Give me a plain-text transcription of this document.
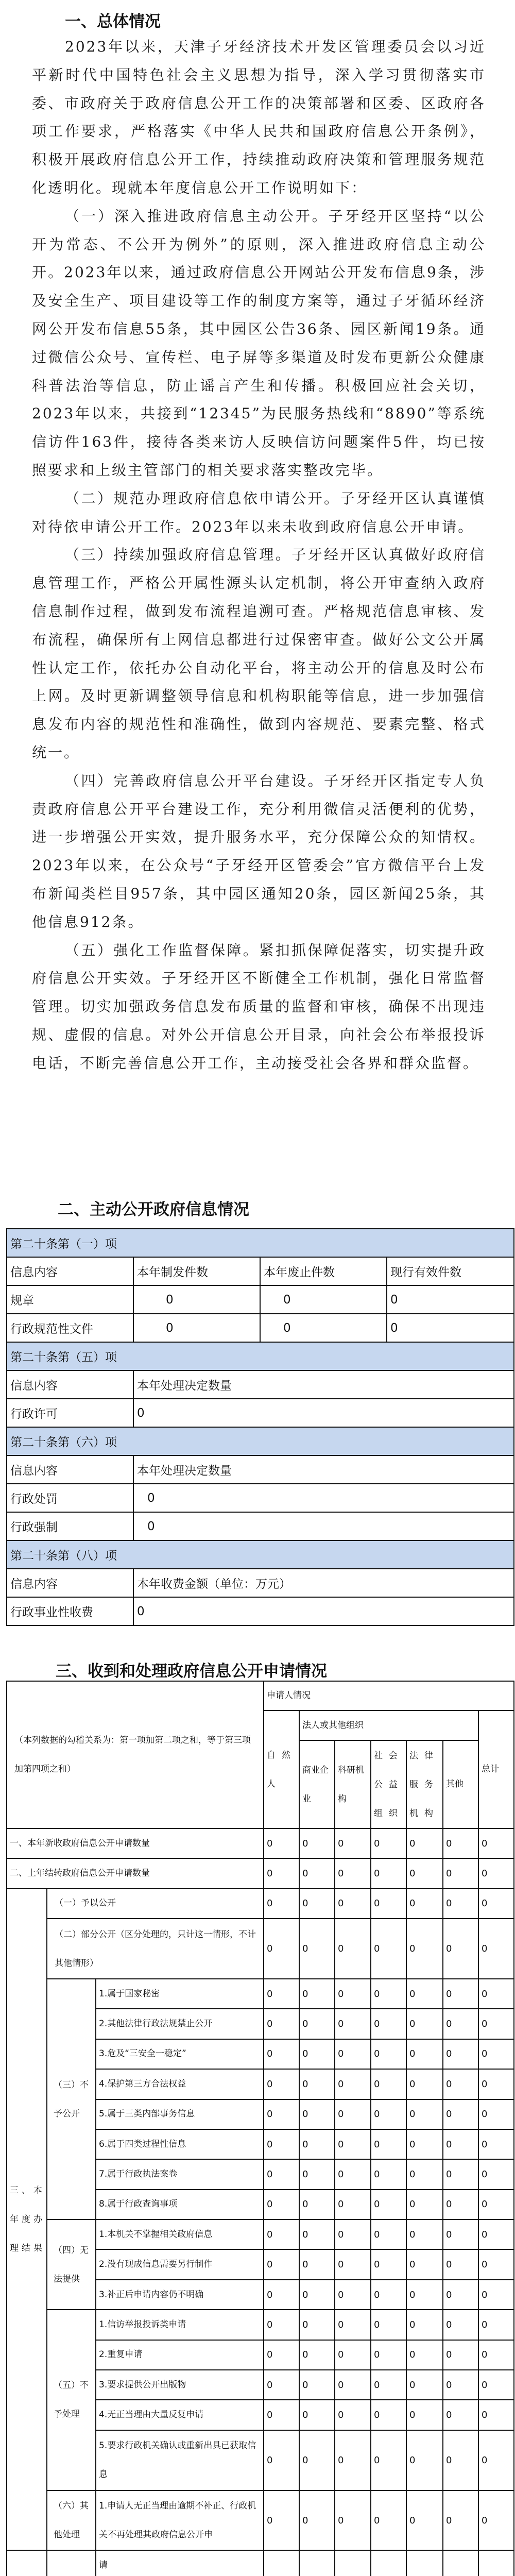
一、总体情况

2023年以来，天津子牙经济技术开发区管理委员会以习近平新时代中国特色社会主义思想为指导，深入学习贯彻落实市委、市政府关于政府信息公开工作的决策部署和区委、区政府各项工作要求，严格落实《中华人民共和国政府信息公开条例》，积极开展政府信息公开工作，持续推动政府决策和管理服务规范化透明化。现就本年度信息公开工作说明如下：

（一）深入推进政府信息主动公开。子牙经开区坚持“以公开为常态、不公开为例外”的原则，深入推进政府信息主动公开。2023年以来，通过政府信息公开网站公开发布信息9条，涉及安全生产、项目建设等工作的制度方案等，通过子牙循环经济网公开发布信息55条，其中园区公告36条、园区新闻19条。通过微信公众号、宣传栏、电子屏等多渠道及时发布更新公众健康科普法治等信息，防止谣言产生和传播。积极回应社会关切，2023年以来，共接到“12345”为民服务热线和“8890”等系统信访件163件，接待各类来访人反映信访问题案件5件，均已按照要求和上级主管部门的相关要求落实整改完毕。

（二）规范办理政府信息依申请公开。子牙经开区认真谨慎对待依申请公开工作。2023年以来未收到政府信息公开申请。

（三）持续加强政府信息管理。子牙经开区认真做好政府信息管理工作，严格公开属性源头认定机制，将公开审查纳入政府信息制作过程，做到发布流程追溯可查。严格规范信息审核、发布流程，确保所有上网信息都进行过保密审查。做好公文公开属性认定工作，依托办公自动化平台，将主动公开的信息及时公布上网。及时更新调整领导信息和机构职能等信息，进一步加强信息发布内容的规范性和准确性，做到内容规范、要素完整、格式统一。

（四）完善政府信息公开平台建设。子牙经开区指定专人负责政府信息公开平台建设工作，充分利用微信灵活便利的优势，进一步增强公开实效，提升服务水平，充分保障公众的知情权。2023年以来，在公众号“子牙经开区管委会”官方微信平台上发布新闻类栏目957条，其中园区通知20条，园区新闻25条，其他信息912条。

（五）强化工作监督保障。紧扣抓保障促落实，切实提升政府信息公开实效。子牙经开区不断健全工作机制，强化日常监督管理。切实加强政务信息发布质量的监督和审核，确保不出现违规、虚假的信息。对外公开信息公开目录，向社会公布举报投诉电话，不断完善信息公开工作，主动接受社会各界和群众监督。

二、主动公开政府信息情况
第二十条第（一）项			
信息内容	本年制发件数	本年废止件数	现行有效件数
规章	0	0	0
行政规范性文件	0	0	0
第二十条第（五）项			
信息内容	本年处理决定数量		
行政许可	0		
第二十条第（六）项			
信息内容	本年处理决定数量		
行政处罚	0		
行政强制	0		
第二十条第（八）项			
信息内容	本年收费金额（单位：万元）		
行政事业性收费	0		
三、收到和处理政府信息公开申请情况
（本列数据的勾稽关系为：第一项加第二项之和，等于第三项加第四项之和）			申请人情况						
			自然人	法人或其他组织					总计
				商业企业	科研机构	社会公益组织	法律服务机构	其他	
一、本年新收政府信息公开申请数量			0	0	0	0	0	0	0
二、上年结转政府信息公开申请数量			0	0	0	0	0	0	0
三、本年度办理结果	（一）予以公开		0	0	0	0	0	0	0
	（二）部分公开（区分处理的，只计这一情形，不计其他情形）		0	0	0	0	0	0	0
	（三）不予公开	1.属于国家秘密	0	0	0	0	0	0	0
		2.其他法律行政法规禁止公开	0	0	0	0	0	0	0
		3.危及“三安全一稳定”	0	0	0	0	0	0	0
		4.保护第三方合法权益	0	0	0	0	0	0	0
		5.属于三类内部事务信息	0	0	0	0	0	0	0
		6.属于四类过程性信息	0	0	0	0	0	0	0
		7.属于行政执法案卷	0	0	0	0	0	0	0
		8.属于行政查询事项	0	0	0	0	0	0	0
	（四）无法提供	1.本机关不掌握相关政府信息	0	0	0	0	0	0	0
		2.没有现成信息需要另行制作	0	0	0	0	0	0	0
		3.补正后申请内容仍不明确	0	0	0	0	0	0	0
	（五）不予处理	1.信访举报投诉类申请	0	0	0	0	0	0	0
		2.重复申请	0	0	0	0	0	0	0
		3.要求提供公开出版物	0	0	0	0	0	0	0
		4.无正当理由大量反复申请	0	0	0	0	0	0	0
		5.要求行政机关确认或重新出具已获取信息	0	0	0	0	0	0	0
	（六）其他处理	1.申请人无正当理由逾期不补正、行政机关不再处理其政府信息公开申	0	0	0	0	0	0	0
		请							
